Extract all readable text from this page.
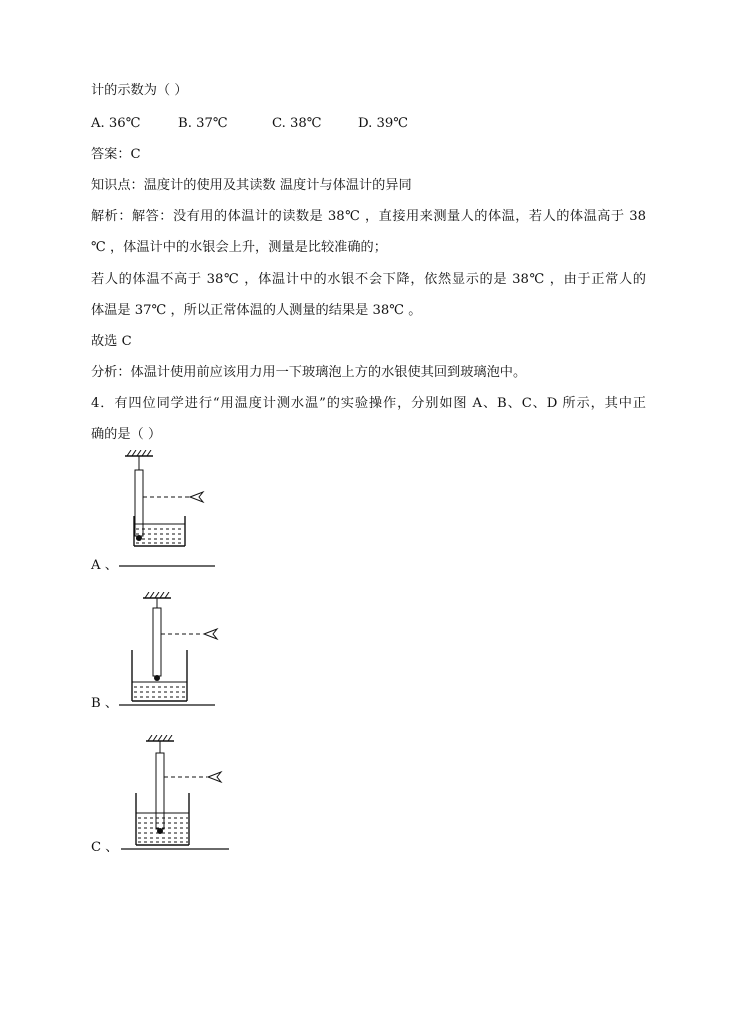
计的示数为（ ）
A. 36℃	B. 37℃	C. 38℃	D. 39℃
答案：C
知识点：温度计的使用及其读数 温度计与体温计的异同
解析：解答：没有用的体温计的读数是 38℃ ，直接用来测量人的体温，若人的体温高于 38
℃ ，体温计中的水银会上升，测量是比较准确的；
若人的体温不高于 38℃ ，体温计中的水银不会下降，依然显示的是 38℃ ，由于正常人的
体温是 37℃ ，所以正常体温的人测量的结果是 38℃ 。
故选 C
分析：体温计使用前应该用力用一下玻璃泡上方的水银使其回到玻璃泡中。
4．有四位同学进行“用温度计测水温”的实验操作，分别如图 A、B、C、D 所示，其中正
确的是（ ）
A 、
B 、
C 、
